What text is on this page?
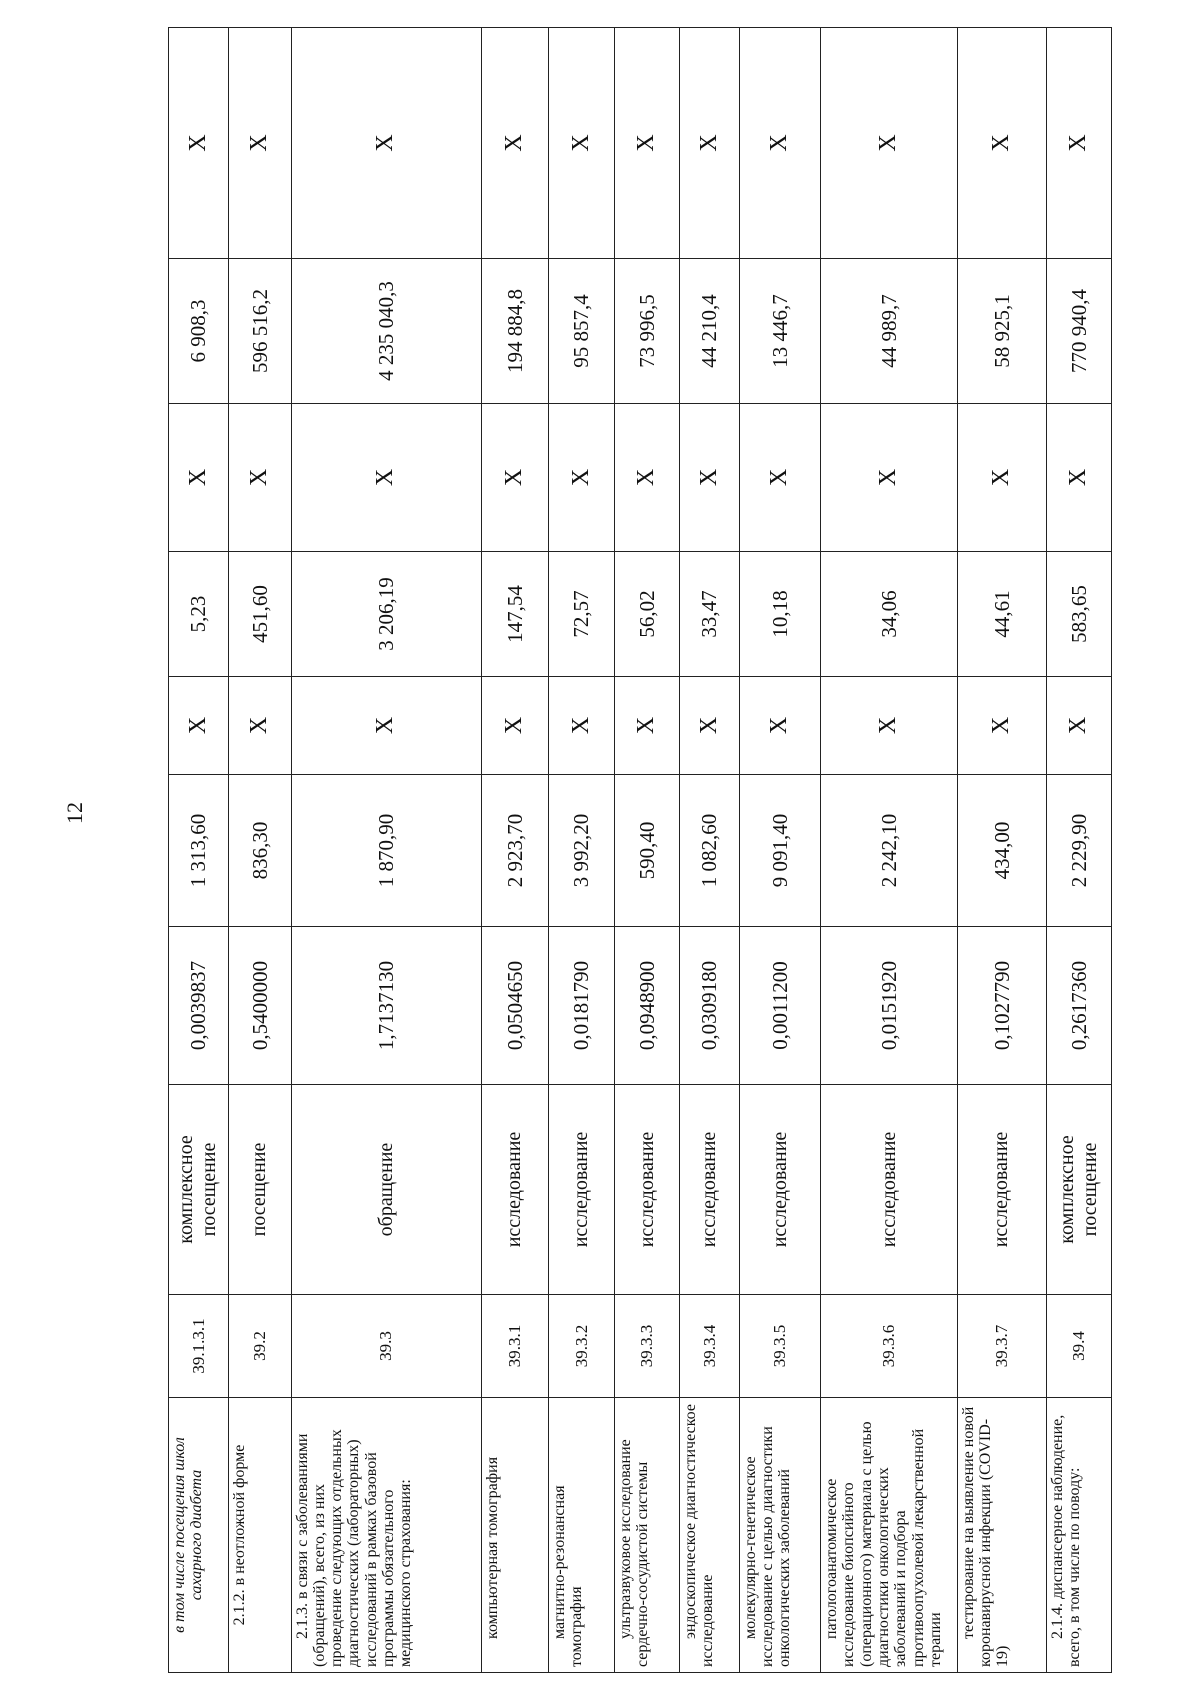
12
в том числе посещения школ сахарного диабета	39.1.3.1	комплексное посещение	0,0039837	1 313,60	Х	5,23	Х	6 908,3	Х
2.1.2. в неотложной форме	39.2	посещение	0,5400000	836,30	Х	451,60	Х	596 516,2	Х

2.1.3. в связи с заболеваниями (обращений), всего, из них проведение следующих отдельных диагностических (лабораторных) исследований в рамках базовой программы обязательного медицинского страхования:	39.3	обращение	1,7137130	1 870,90	Х	3 206,19	Х	4 235 040,3	Х

компьютерная томография	39.3.1	исследование	0,0504650	2 923,70	Х	147,54	Х	194 884,8	Х

магнитно-резонансная томография	39.3.2	исследование	0,0181790	3 992,20	Х	72,57	Х	95 857,4	Х

ультразвуковое исследование сердечно-сосудистой системы	39.3.3	исследование	0,0948900	590,40	Х	56,02	Х	73 996,5	Х

эндоскопическое диагностическое исследование	39.3.4	исследование	0,0309180	1 082,60	Х	33,47	Х	44 210,4	Х

молекулярно-генетическое исследование с целью диагностики онкологических заболеваний	39.3.5	исследование	0,0011200	9 091,40	Х	10,18	Х	13 446,7	Х

патологоанатомическое исследование биопсийного (операционного) материала с целью диагностики онкологических заболеваний и подбора противоопухолевой лекарственной терапии	39.3.6	исследование	0,0151920	2 242,10	Х	34,06	Х	44 989,7	Х

тестирование на выявление новой коронавирусной инфекции (COVID-19)	39.3.7	исследование	0,1027790	434,00	Х	44,61	Х	58 925,1	Х

2.1.4. диспансерное наблюдение, всего, в том числе по поводу:	39.4	комплексное посещение	0,2617360	2 229,90	Х	583,65	Х	770 940,4	Х
